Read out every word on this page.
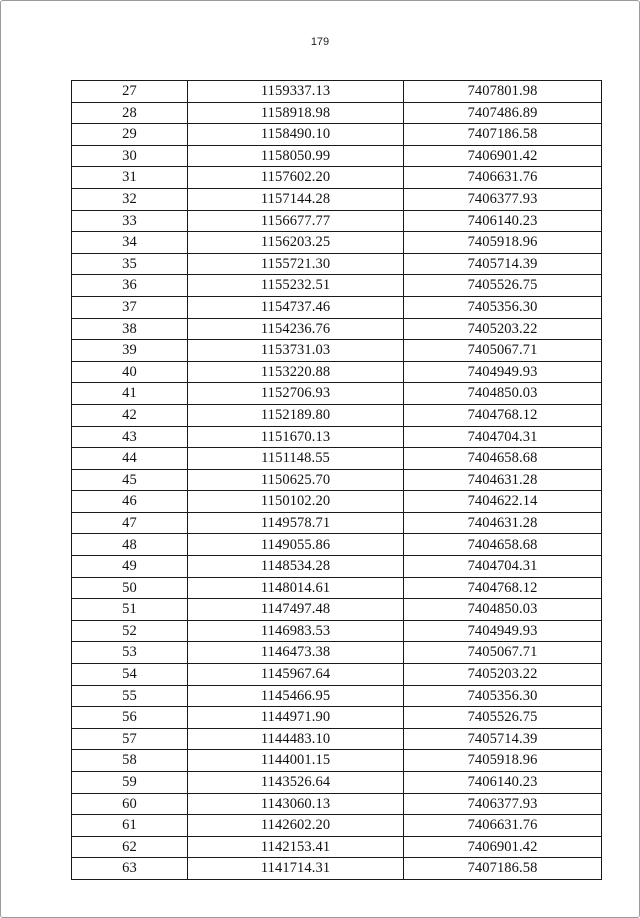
179
27	1159337.13	7407801.98
28	1158918.98	7407486.89
29	1158490.10	7407186.58
30	1158050.99	7406901.42
31	1157602.20	7406631.76
32	1157144.28	7406377.93
33	1156677.77	7406140.23
34	1156203.25	7405918.96
35	1155721.30	7405714.39
36	1155232.51	7405526.75
37	1154737.46	7405356.30
38	1154236.76	7405203.22
39	1153731.03	7405067.71
40	1153220.88	7404949.93
41	1152706.93	7404850.03
42	1152189.80	7404768.12
43	1151670.13	7404704.31
44	1151148.55	7404658.68
45	1150625.70	7404631.28
46	1150102.20	7404622.14
47	1149578.71	7404631.28
48	1149055.86	7404658.68
49	1148534.28	7404704.31
50	1148014.61	7404768.12
51	1147497.48	7404850.03
52	1146983.53	7404949.93
53	1146473.38	7405067.71
54	1145967.64	7405203.22
55	1145466.95	7405356.30
56	1144971.90	7405526.75
57	1144483.10	7405714.39
58	1144001.15	7405918.96
59	1143526.64	7406140.23
60	1143060.13	7406377.93
61	1142602.20	7406631.76
62	1142153.41	7406901.42
63	1141714.31	7407186.58
